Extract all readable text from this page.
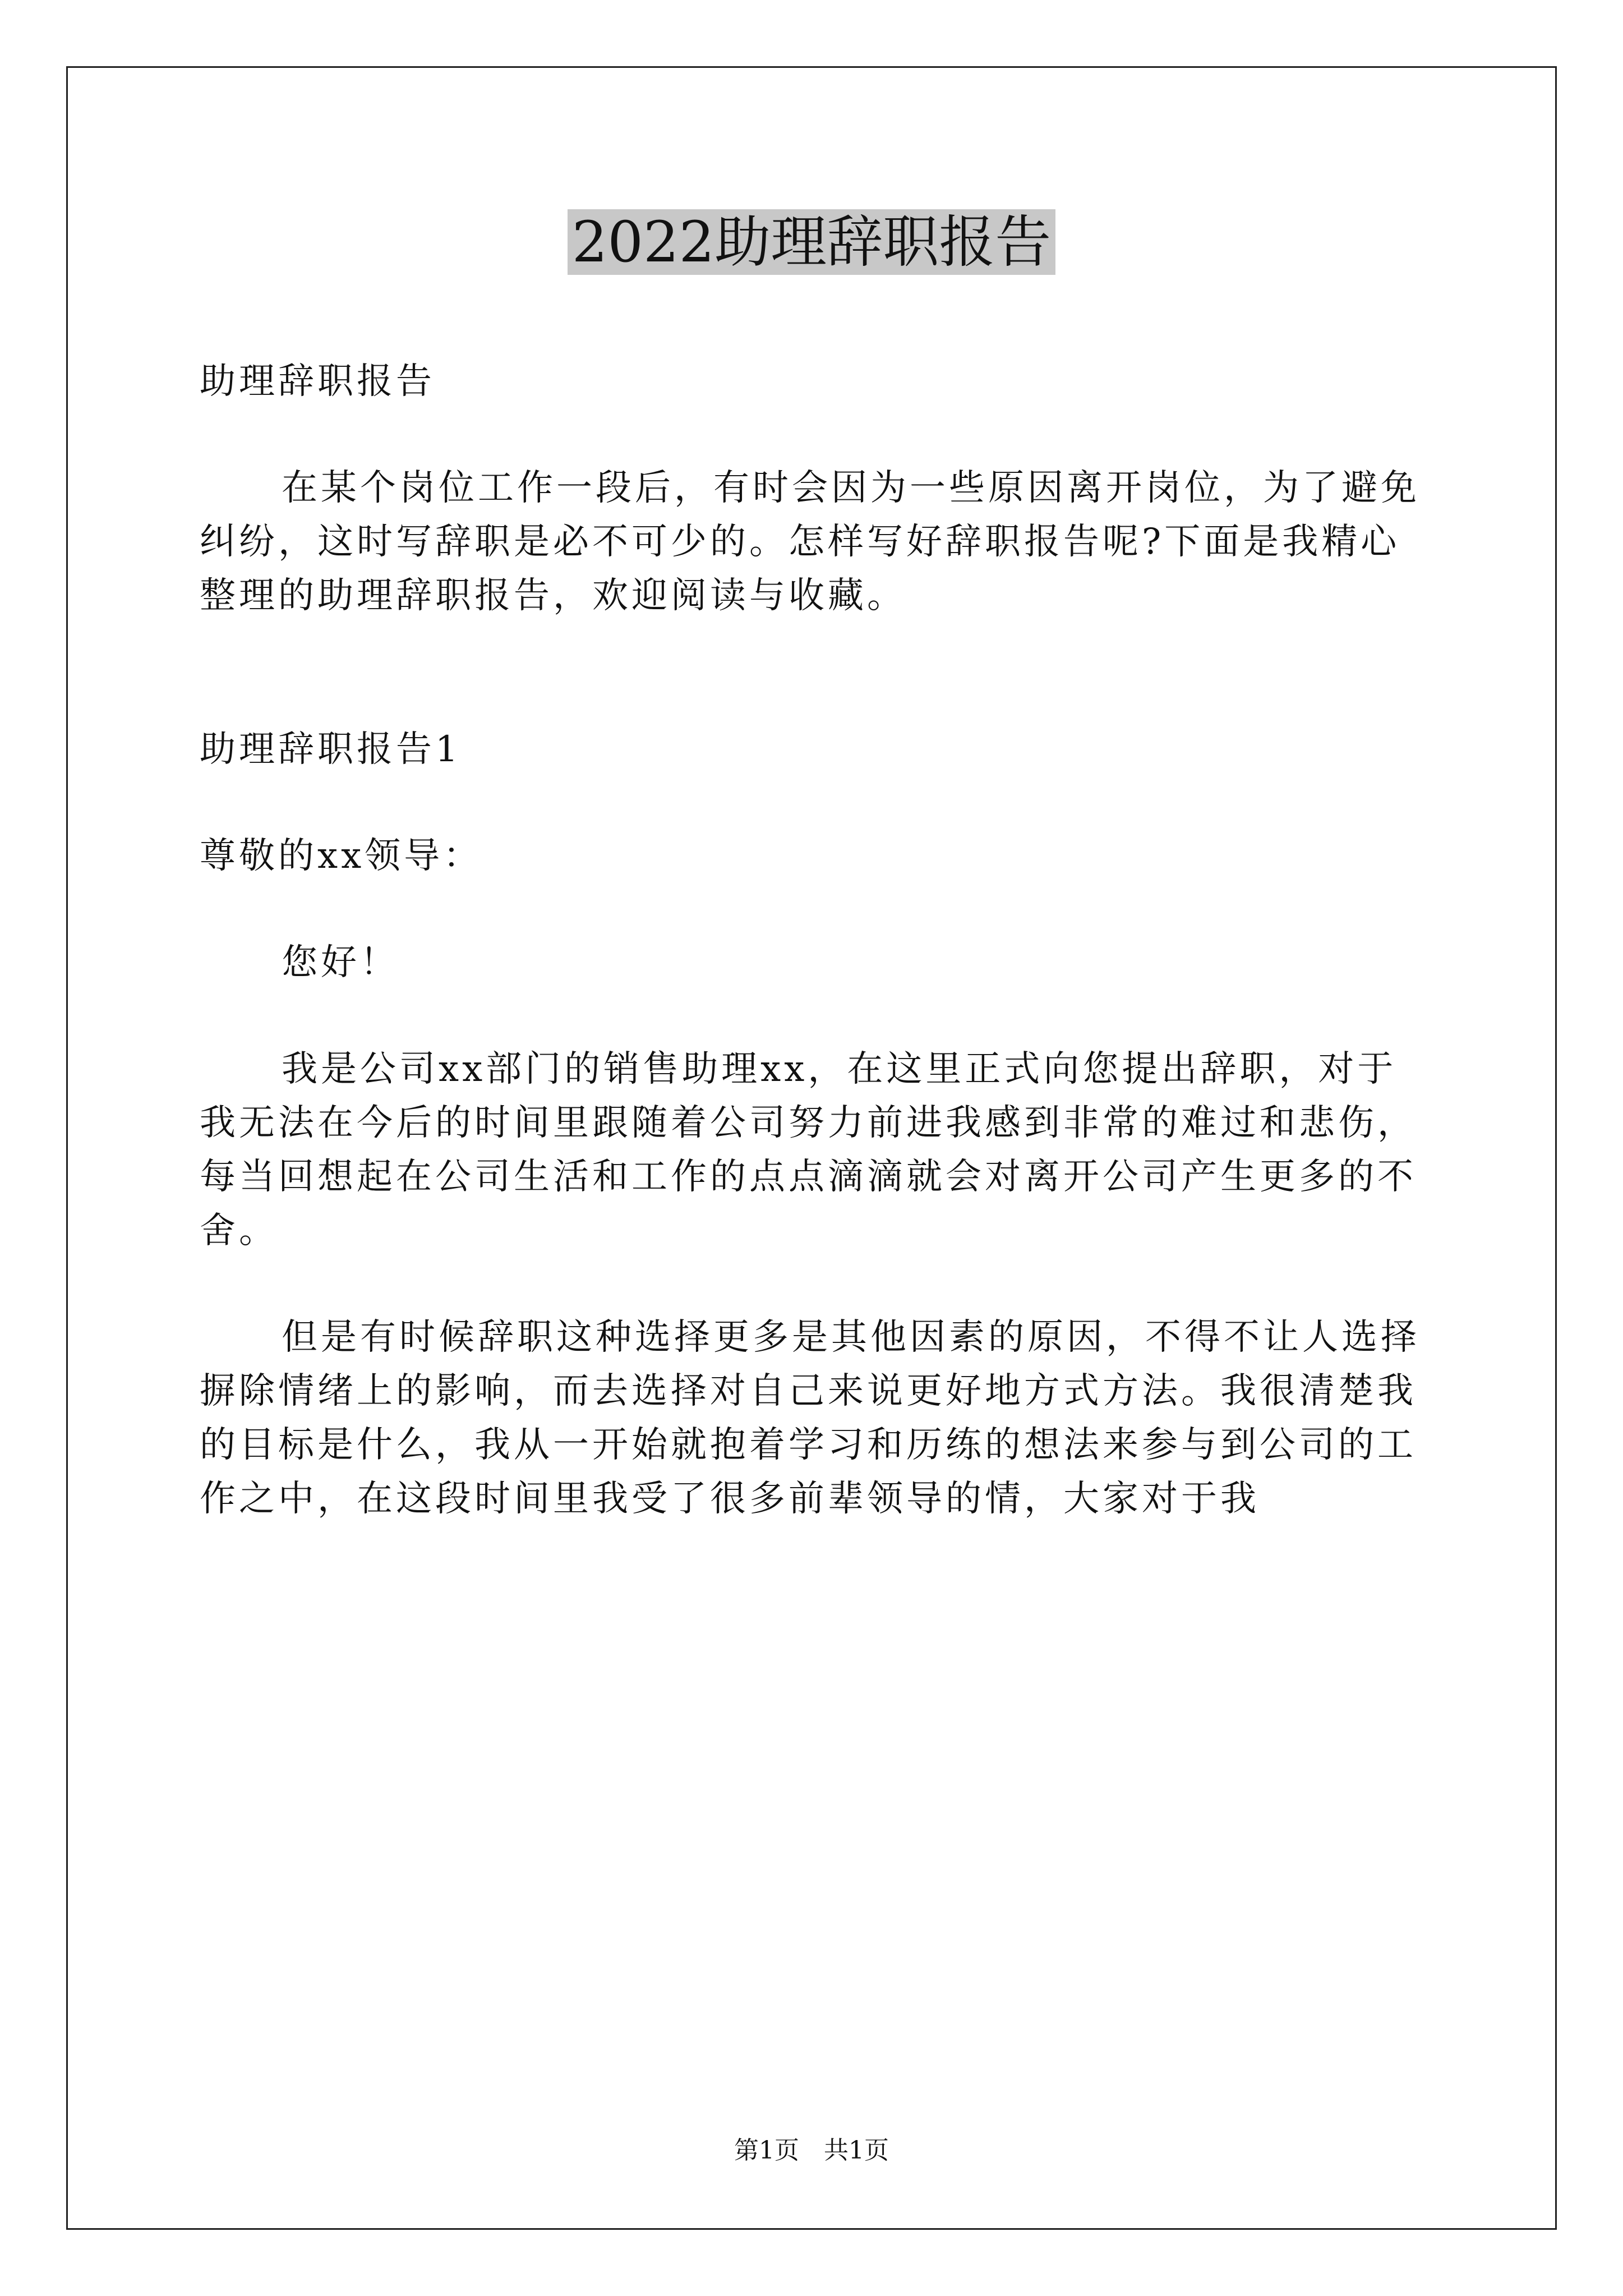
2022助理辞职报告

助理辞职报告

在某个岗位工作一段后，有时会因为一些原因离开岗位，为了避免纠纷，这时写辞职是必不可少的。怎样写好辞职报告呢?下面是我精心整理的助理辞职报告，欢迎阅读与收藏。

助理辞职报告1

尊敬的xx领导：

您好！

我是公司xx部门的销售助理xx，在这里正式向您提出辞职，对于我无法在今后的时间里跟随着公司努力前进我感到非常的难过和悲伤，每当回想起在公司生活和工作的点点滴滴就会对离开公司产生更多的不舍。

但是有时候辞职这种选择更多是其他因素的原因，不得不让人选择摒除情绪上的影响，而去选择对自己来说更好地方式方法。我很清楚我的目标是什么，我从一开始就抱着学习和历练的想法来参与到公司的工作之中，在这段时间里我受了很多前辈领导的情，大家对于我

第1页 共1页
